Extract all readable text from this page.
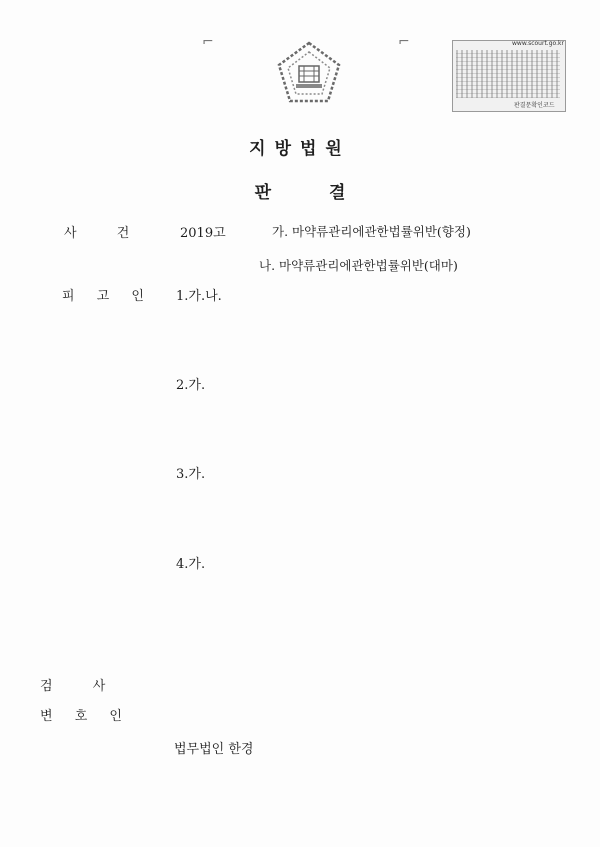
⌐	⌐	www.scourt.go.kr
판결문확인코드
지방법원
판 결
사 건	2019고	가. 마약류관리에관한법률위반(향정)
나. 마약류관리에관한법률위반(대마)
피 고 인 1.가.나.
2.가.
3.가.
4.가.
검 사
변 호 인
법무법인 한경
